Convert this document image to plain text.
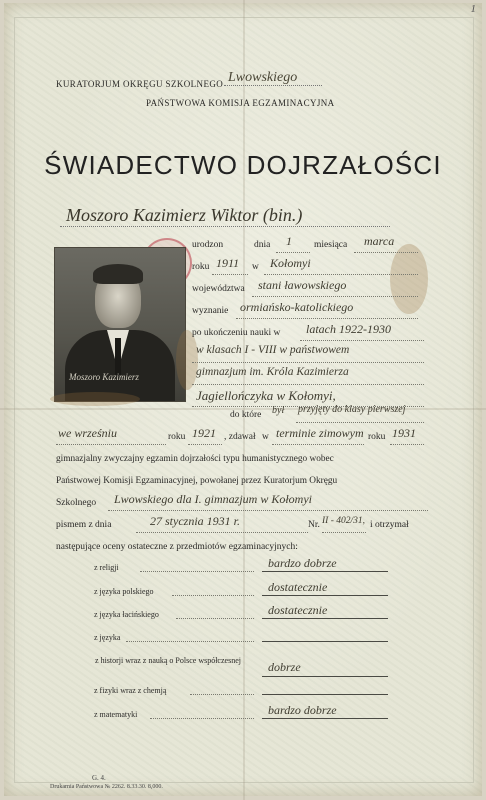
1
KURATORJUM OKRĘGU SZKOLNEGO Lwowskiego
PAŃSTWOWA KOMISJA EGZAMINACYJNA
ŚWIADECTWO DOJRZAŁOŚCI
Moszoro Kazimierz Wiktor (bin.)
Moszoro Kazimierz
urodzon	dnia 1 miesiąca marca
roku 1911 w Kołomyi
województwa stani ławowskiego
wyznanie ormiańsko-katolickiego
po ukończeniu nauki w latach 1922-1930
w klasach I - VIII w państwowem
gimnazjum im. Króla Kazimierza
Jagiellończyka w Kołomyi,
do które był przyjęty do klasy pierwszej
we wrześniu	roku 1921 , zdawał w terminie zimowym roku 1931
gimnazjalny zwyczajny egzamin dojrzałości typu humanistycznego wobec
Państwowej Komisji Egzaminacyjnej, powołanej przez Kuratorjum Okręgu
Szkolnego Lwowskiego dla I. gimnazjum w Kołomyi
pismem z dnia	27 stycznia 1931 r.	Nr. II - 402/31, i otrzymał
następujące oceny ostateczne z przedmiotów egzaminacyjnych:
z religji	bardzo dobrze
z języka polskiego	dostatecznie
z języka łacińskiego	dostatecznie
z języka
z historji wraz z nauką o Polsce współczesnej dobrze
z fizyki wraz z chemją
z matematyki	bardzo dobrze
G. 4.
Drukarnia Państwowa № 2262. 8.33.30. 8,000.
